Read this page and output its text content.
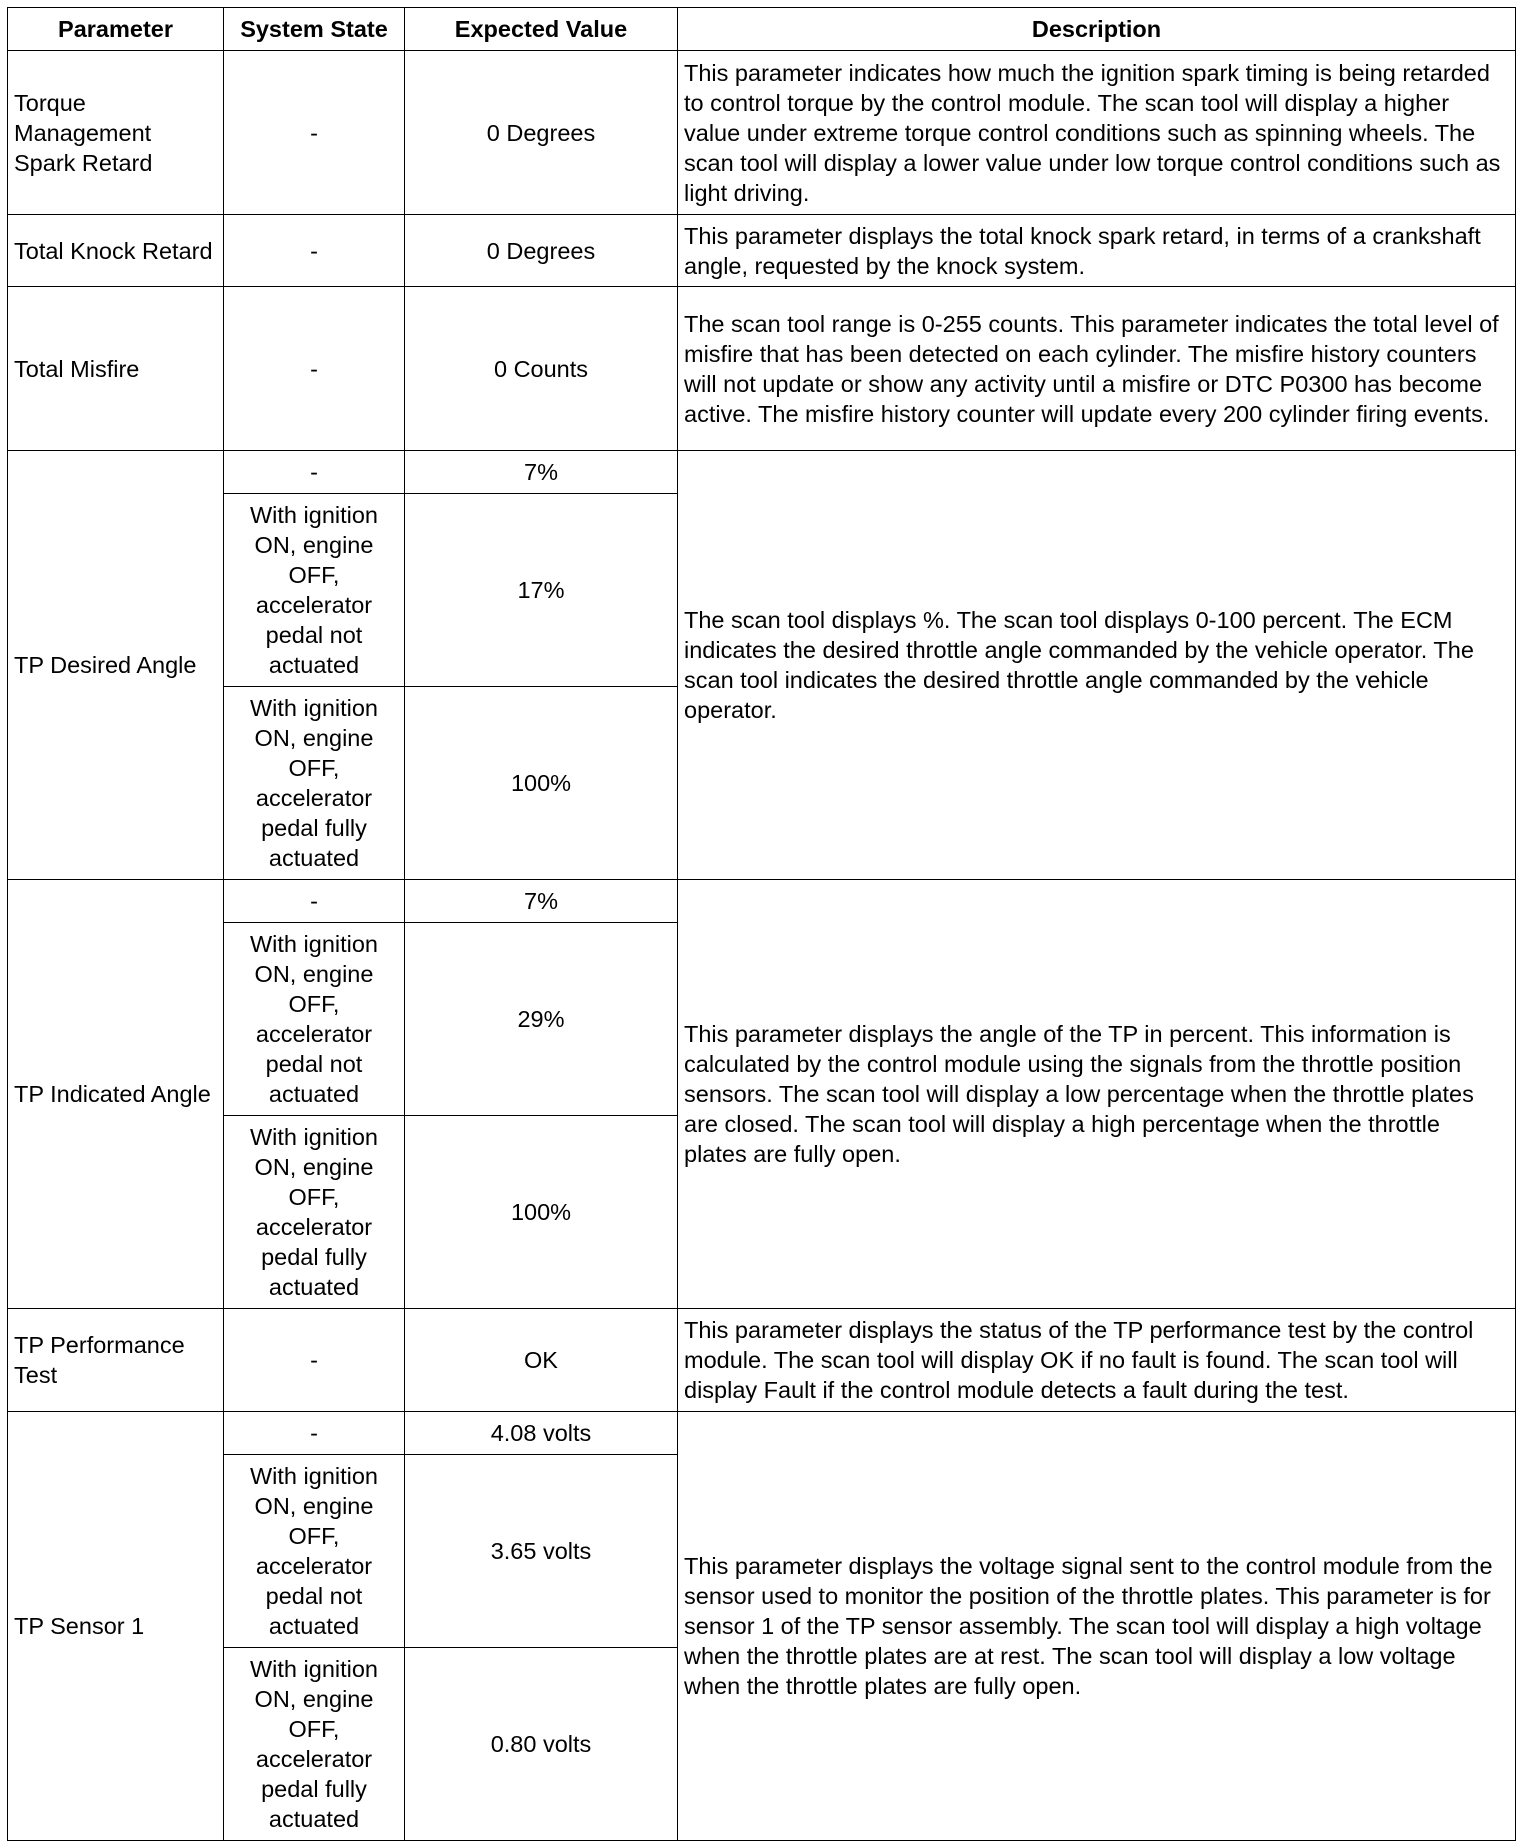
Parameter	System State	Expected Value	Description
Torque Management Spark Retard	-	0 Degrees	This parameter indicates how much the ignition spark timing is being retarded to control torque by the control module. The scan tool will display a higher value under extreme torque control conditions such as spinning wheels. The scan tool will display a lower value under low torque control conditions such as light driving.
Total Knock Retard	-	0 Degrees	This parameter displays the total knock spark retard, in terms of a crankshaft angle, requested by the knock system.
Total Misfire	-	0 Counts	The scan tool range is 0-255 counts. This parameter indicates the total level of misfire that has been detected on each cylinder. The misfire history counters will not update or show any activity until a misfire or DTC P0300 has become active. The misfire history counter will update every 200 cylinder firing events.
TP Desired Angle	-	7%	The scan tool displays %. The scan tool displays 0-100 percent. The ECM indicates the desired throttle angle commanded by the vehicle operator. The scan tool indicates the desired throttle angle commanded by the vehicle operator.
	With ignition ON, engine OFF, accelerator pedal not actuated	17%	
	With ignition ON, engine OFF, accelerator pedal fully actuated	100%	
TP Indicated Angle	-	7%	This parameter displays the angle of the TP in percent. This information is calculated by the control module using the signals from the throttle position sensors. The scan tool will display a low percentage when the throttle plates are closed. The scan tool will display a high percentage when the throttle plates are fully open.
	With ignition ON, engine OFF, accelerator pedal not actuated	29%	
	With ignition ON, engine OFF, accelerator pedal fully actuated	100%	
TP Performance Test	-	OK	This parameter displays the status of the TP performance test by the control module. The scan tool will display OK if no fault is found. The scan tool will display Fault if the control module detects a fault during the test.
TP Sensor 1	-	4.08 volts	This parameter displays the voltage signal sent to the control module from the sensor used to monitor the position of the throttle plates. This parameter is for sensor 1 of the TP sensor assembly. The scan tool will display a high voltage when the throttle plates are at rest. The scan tool will display a low voltage when the throttle plates are fully open.
	With ignition ON, engine OFF, accelerator pedal not actuated	3.65 volts	
	With ignition ON, engine OFF, accelerator pedal fully actuated	0.80 volts	
